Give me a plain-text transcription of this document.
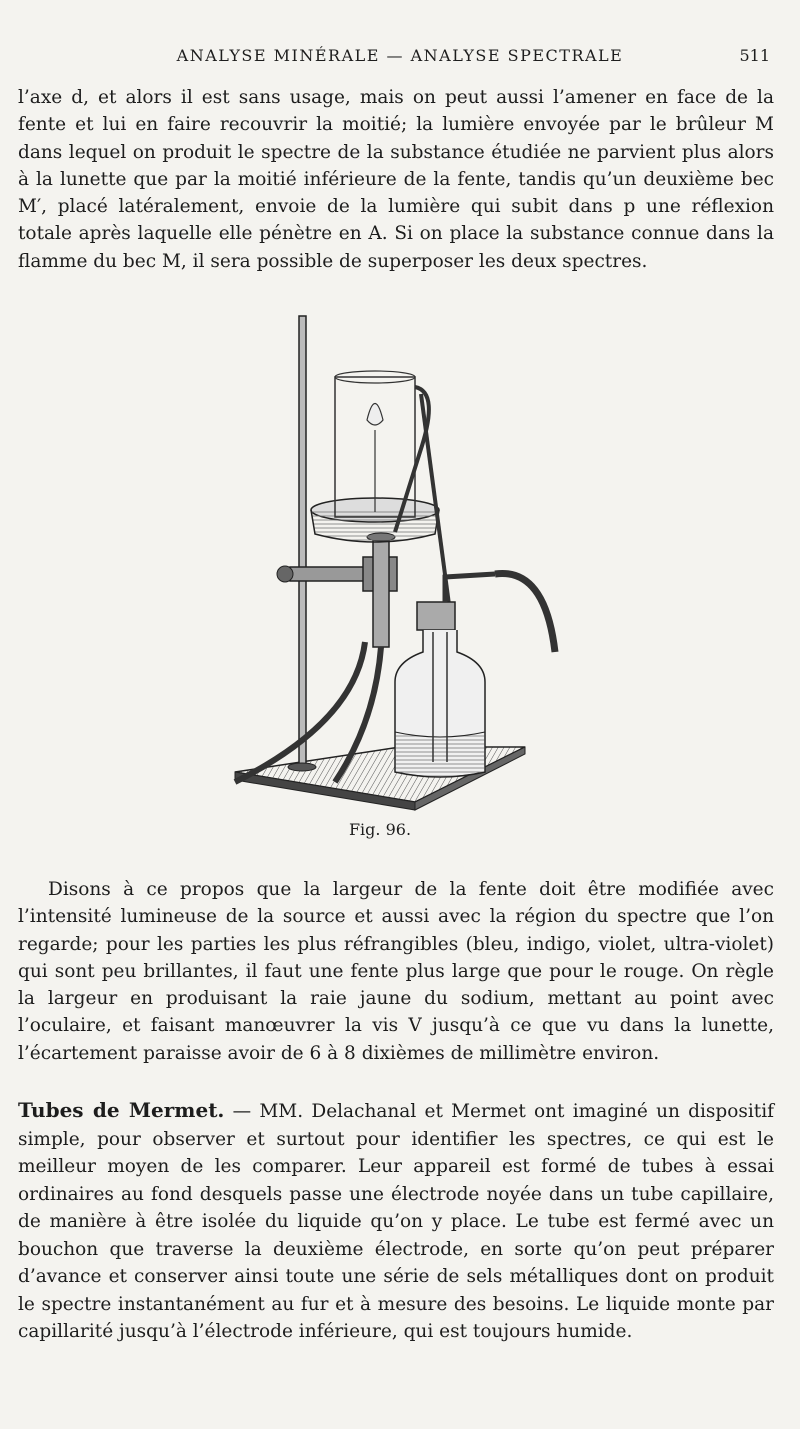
ANALYSE MINÉRALE — ANALYSE SPECTRALE	511

l’axe d, et alors il est sans usage, mais on peut aussi l’amener en face de la fente et lui en faire recouvrir la moitié; la lumière envoyée par le brûleur M dans lequel on produit le spectre de la substance étudiée ne parvient plus alors à la lunette que par la moitié inférieure de la fente, tandis qu’un deuxième bec M′, placé latéralement, envoie de la lumière qui subit dans p une réflexion totale après laquelle elle pénètre en A. Si on place la substance connue dans la flamme du bec M, il sera possible de superposer les deux spectres.

Fig. 96.

Disons à ce propos que la largeur de la fente doit être modifiée avec l’intensité lumineuse de la source et aussi avec la région du spectre que l’on regarde; pour les parties les plus réfrangibles (bleu, indigo, violet, ultra-violet) qui sont peu brillantes, il faut une fente plus large que pour le rouge. On règle la largeur en produisant la raie jaune du sodium, mettant au point avec l’oculaire, et faisant manœuvrer la vis V jusqu’à ce que vu dans la lunette, l’écartement paraisse avoir de 6 à 8 dixièmes de millimètre environ.

Tubes de Mermet. — MM. Delachanal et Mermet ont imaginé un dispositif simple, pour observer et surtout pour identifier les spectres, ce qui est le meilleur moyen de les comparer. Leur appareil est formé de tubes à essai ordinaires au fond desquels passe une électrode noyée dans un tube capillaire, de manière à être isolée du liquide qu’on y place. Le tube est fermé avec un bouchon que traverse la deuxième électrode, en sorte qu’on peut préparer d’avance et conserver ainsi toute une série de sels métalliques dont on produit le spectre instantanément au fur et à mesure des besoins. Le liquide monte par capillarité jusqu’à l’électrode inférieure, qui est toujours humide.
